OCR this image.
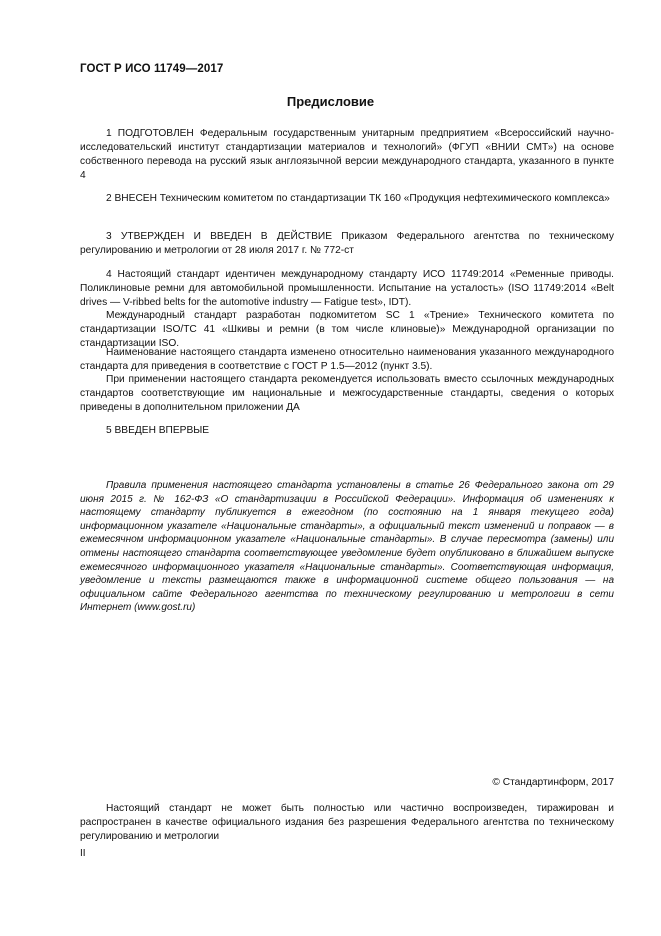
ГОСТ Р ИСО 11749—2017
Предисловие
1 ПОДГОТОВЛЕН Федеральным государственным унитарным предприятием «Всероссийский научно-исследовательский институт стандартизации материалов и технологий» (ФГУП «ВНИИ СМТ») на основе собственного перевода на русский язык англоязычной версии международного стандарта, указанного в пункте 4
2 ВНЕСЕН Техническим комитетом по стандартизации ТК 160 «Продукция нефтехимического комплекса»
3 УТВЕРЖДЕН И ВВЕДЕН В ДЕЙСТВИЕ Приказом Федерального агентства по техническому регулированию и метрологии от 28 июля 2017 г. № 772-ст
4 Настоящий стандарт идентичен международному стандарту ИСО 11749:2014 «Ременные приводы. Поликлиновые ремни для автомобильной промышленности. Испытание на усталость» (ISO 11749:2014 «Belt drives — V-ribbed belts for the automotive industry — Fatigue test», IDT).
Международный стандарт разработан подкомитетом SC 1 «Трение» Технического комитета по стандартизации ISO/TC 41 «Шкивы и ремни (в том числе клиновые)» Международной организации по стандартизации ISO.
Наименование настоящего стандарта изменено относительно наименования указанного международного стандарта для приведения в соответствие с ГОСТ Р 1.5—2012 (пункт 3.5).
При применении настоящего стандарта рекомендуется использовать вместо ссылочных международных стандартов соответствующие им национальные и межгосударственные стандарты, сведения о которых приведены в дополнительном приложении ДА
5 ВВЕДЕН ВПЕРВЫЕ
Правила применения настоящего стандарта установлены в статье 26 Федерального закона от 29 июня 2015 г. № 162-ФЗ «О стандартизации в Российской Федерации». Информация об изменениях к настоящему стандарту публикуется в ежегодном (по состоянию на 1 января текущего года) информационном указателе «Национальные стандарты», а официальный текст изменений и поправок — в ежемесячном информационном указателе «Национальные стандарты». В случае пересмотра (замены) или отмены настоящего стандарта соответствующее уведомление будет опубликовано в ближайшем выпуске ежемесячного информационного указателя «Национальные стандарты». Соответствующая информация, уведомление и тексты размещаются также в информационной системе общего пользования — на официальном сайте Федерального агентства по техническому регулированию и метрологии в сети Интернет (www.gost.ru)
© Стандартинформ, 2017
Настоящий стандарт не может быть полностью или частично воспроизведен, тиражирован и распространен в качестве официального издания без разрешения Федерального агентства по техническому регулированию и метрологии
II
